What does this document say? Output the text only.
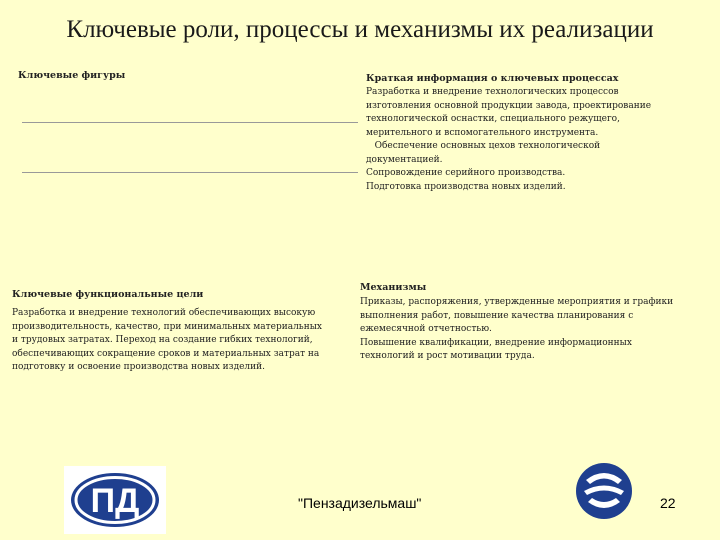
Ключевые роли, процессы и механизмы их реализации
Ключевые фигуры	Краткая информация о ключевых процессах
Разработка и внедрение технологических процессов
изготовления основной продукции завода, проектирование
технологической оснастки, специального режущего,
мерительного и вспомогательного инструмента.
Обеспечение основных цехов технологической
документацией.
Сопровождение серийного производства.
Подготовка производства новых изделий.
Ключевые функциональные цели
Разработка и внедрение технологий обеспечивающих высокую
производительность, качество, при минимальных материальных
и трудовых затратах. Переход на создание гибких технологий,
обеспечивающих сокращение сроков и материальных затрат на
подготовку и освоение производства новых изделий.
Механизмы
Приказы, распоряжения, утвержденные мероприятия и графики
выполнения работ, повышение качества планирования с
ежемесячной отчетностью.
Повышение квалификации, внедрение информационных
технологий и рост мотивации труда.
ПД	"Пензадизельмаш"	22
